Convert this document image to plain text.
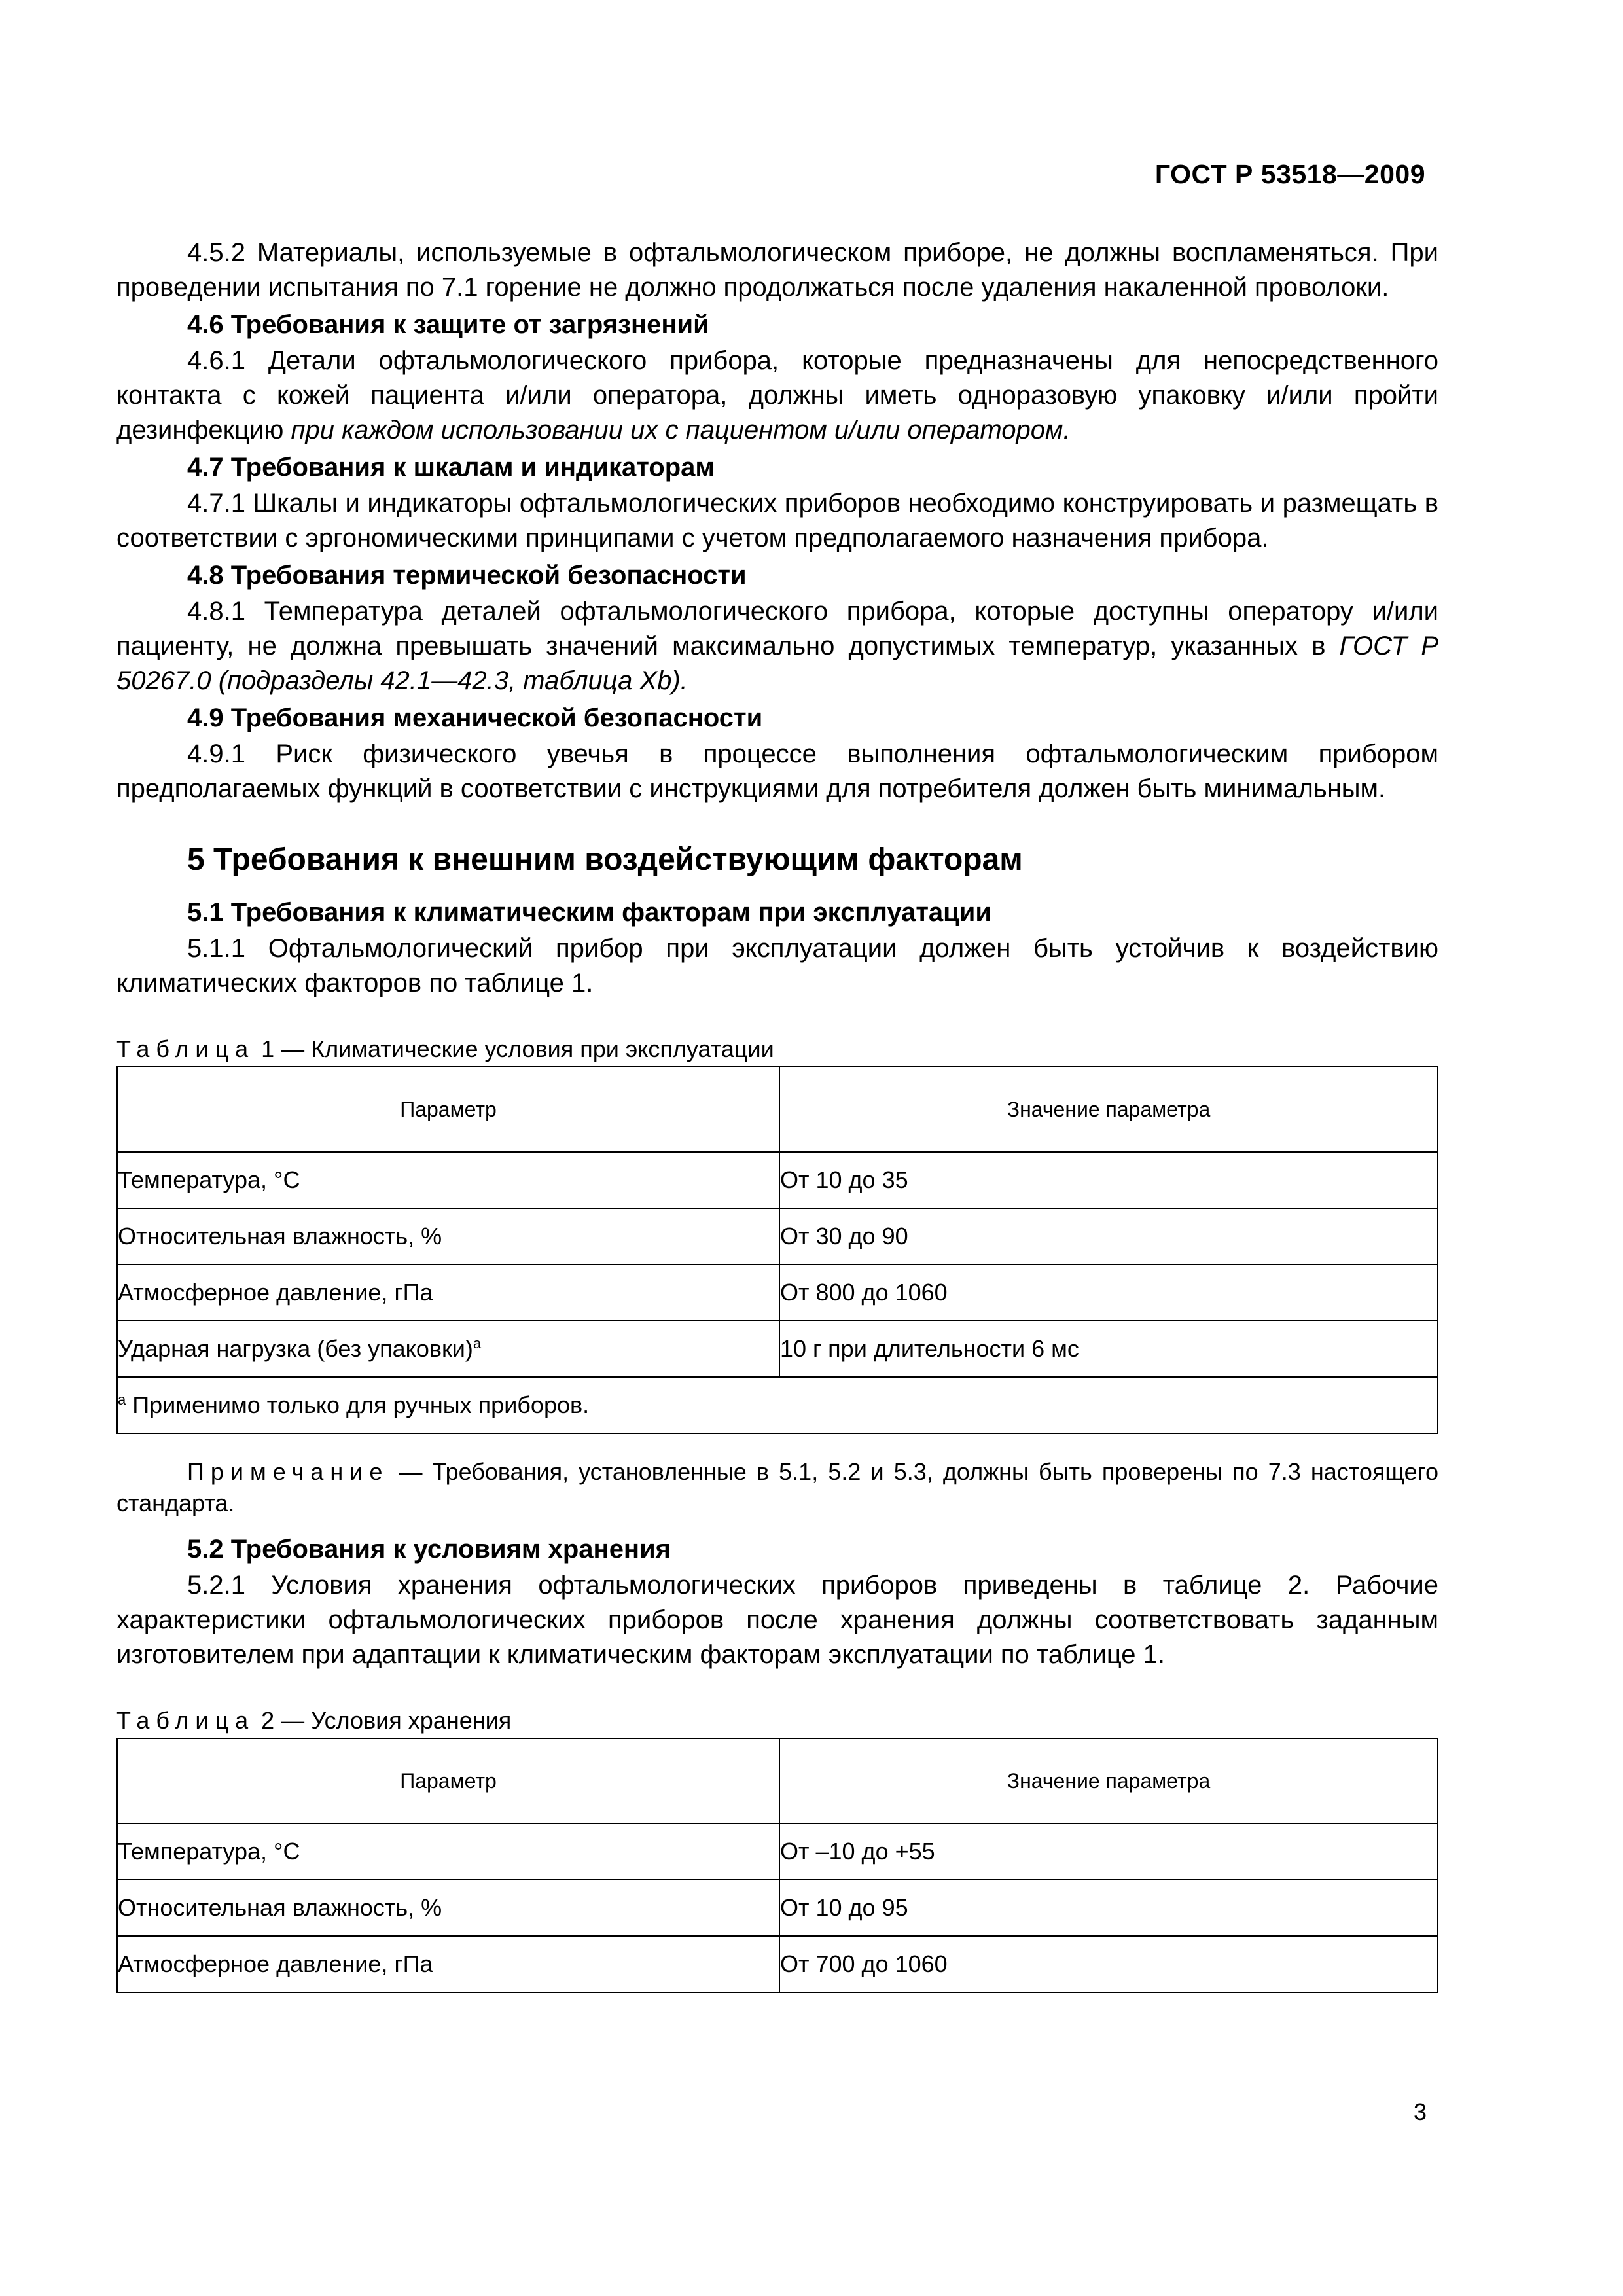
ГОСТ Р 53518—2009

4.5.2 Материалы, используемые в офтальмологическом приборе, не должны воспламеняться. При проведении испытания по 7.1 горение не должно продолжаться после удаления накаленной проволоки.

4.6 Требования к защите от загрязнений

4.6.1 Детали офтальмологического прибора, которые предназначены для непосредственного контакта с кожей пациента и/или оператора, должны иметь одноразовую упаковку и/или пройти дезинфекцию при каждом использовании их с пациентом и/или оператором.

4.7 Требования к шкалам и индикаторам

4.7.1 Шкалы и индикаторы офтальмологических приборов необходимо конструировать и размещать в соответствии с эргономическими принципами с учетом предполагаемого назначения прибора.

4.8 Требования термической безопасности

4.8.1 Температура деталей офтальмологического прибора, которые доступны оператору и/или пациенту, не должна превышать значений максимально допустимых температур, указанных в ГОСТ Р 50267.0 (подразделы 42.1—42.3, таблица Xb).

4.9 Требования механической безопасности

4.9.1 Риск физического увечья в процессе выполнения офтальмологическим прибором предполагаемых функций в соответствии с инструкциями для потребителя должен быть минимальным.

5 Требования к внешним воздействующим факторам

5.1 Требования к климатическим факторам при эксплуатации

5.1.1 Офтальмологический прибор при эксплуатации должен быть устойчив к воздействию климатических факторов по таблице 1.

Таблица 1 — Климатические условия при эксплуатации
Параметр	Значение параметра
Температура, °С	От 10 до 35
Относительная влажность, %	От 30 до 90
Атмосферное давление, гПа	От 800 до 1060
Ударная нагрузка (без упаковки)$^a$	10 г при длительности 6 мс
$^a$ Применимо только для ручных приборов.	

Примечание — Требования, установленные в 5.1, 5.2 и 5.3, должны быть проверены по 7.3 настоящего стандарта.

5.2 Требования к условиям хранения

5.2.1 Условия хранения офтальмологических приборов приведены в таблице 2. Рабочие характеристики офтальмологических приборов после хранения должны соответствовать заданным изготовителем при адаптации к климатическим факторам эксплуатации по таблице 1.

Таблица 2 — Условия хранения
Параметр	Значение параметра
Температура, °С	От –10 до +55
Относительная влажность, %	От 10 до 95
Атмосферное давление, гПа	От 700 до 1060
3
